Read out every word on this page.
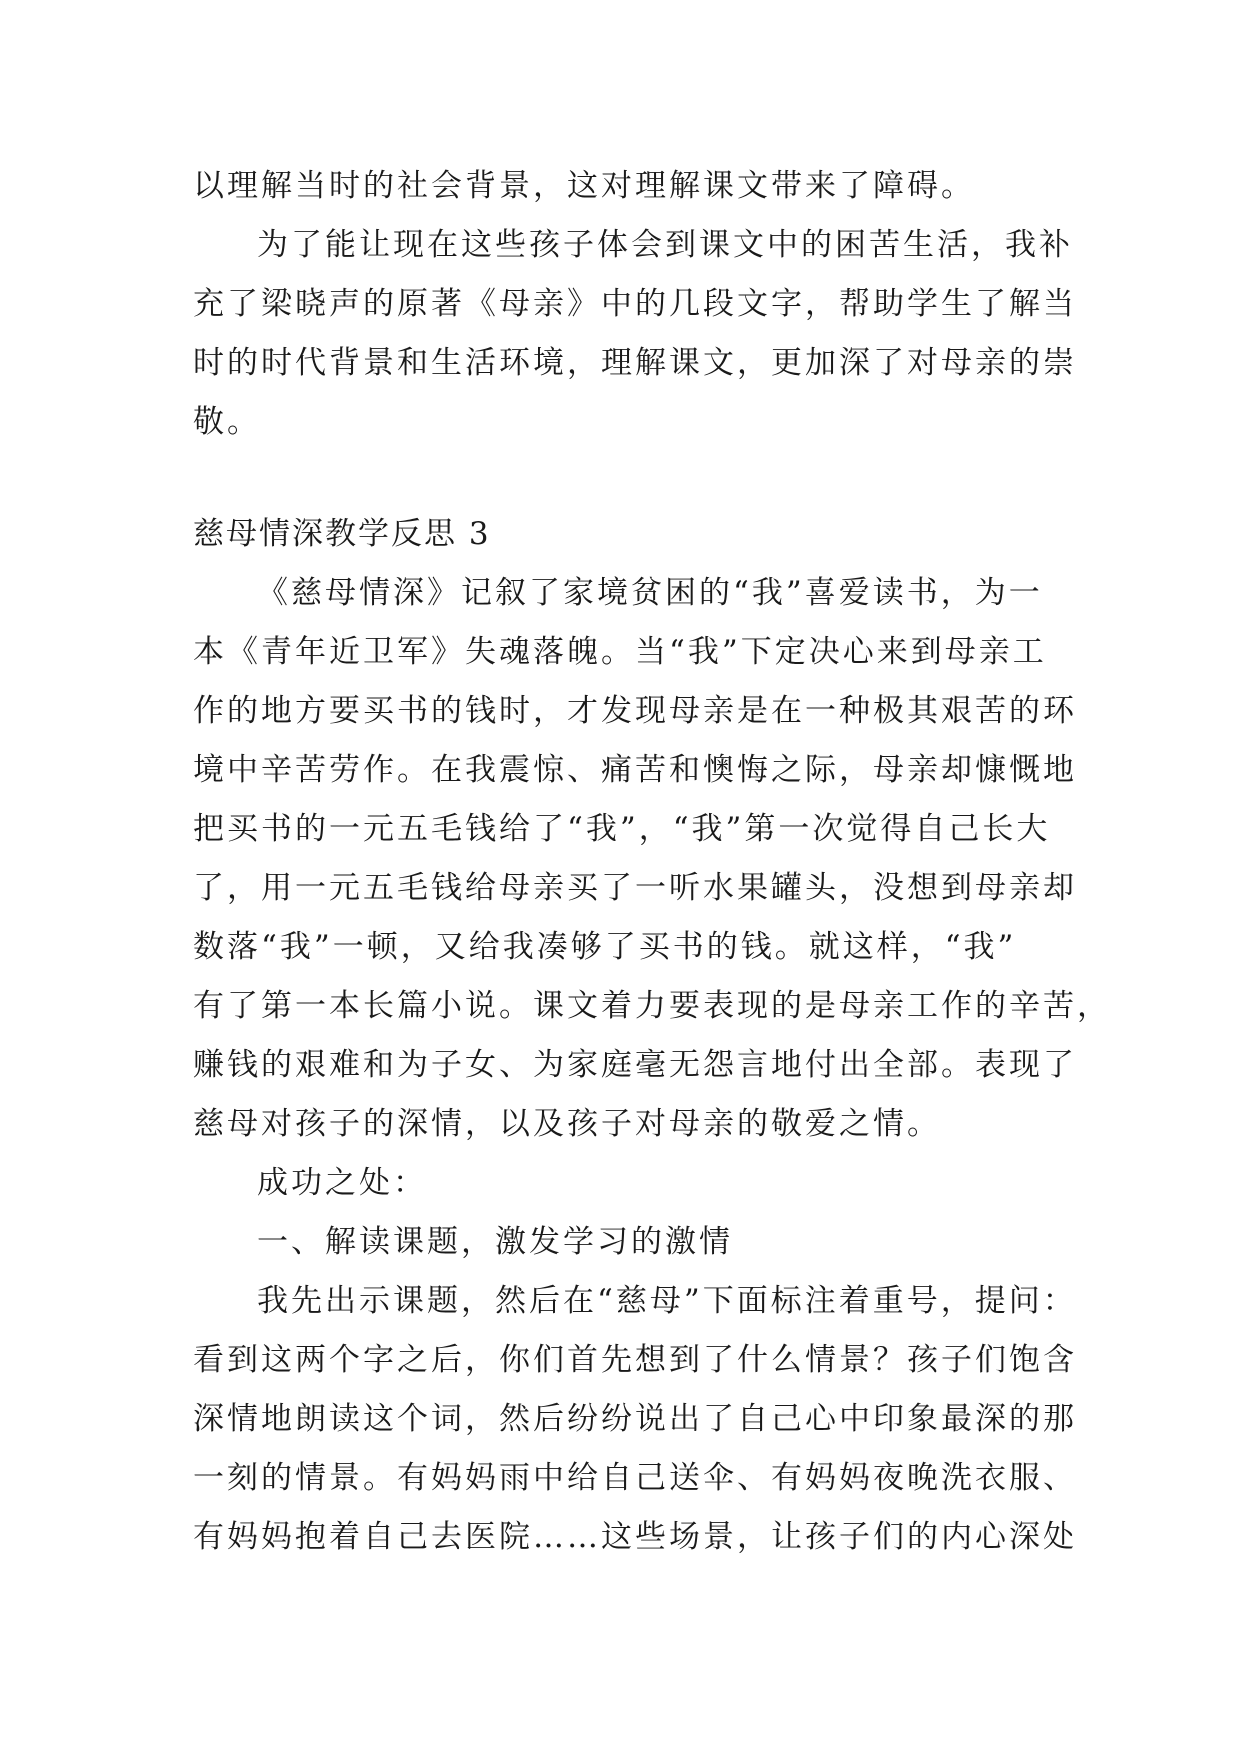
以理解当时的社会背景，这对理解课文带来了障碍。
为了能让现在这些孩子体会到课文中的困苦生活，我补
充了梁晓声的原著《母亲》中的几段文字，帮助学生了解当
时的时代背景和生活环境，理解课文，更加深了对母亲的崇
敬。
慈母情深教学反思 3
《慈母情深》记叙了家境贫困的“我”喜爱读书，为一
本《青年近卫军》失魂落魄。当“我”下定决心来到母亲工
作的地方要买书的钱时，才发现母亲是在一种极其艰苦的环
境中辛苦劳作。在我震惊、痛苦和懊悔之际，母亲却慷慨地
把买书的一元五毛钱给了“我”，“我”第一次觉得自己长大
了，用一元五毛钱给母亲买了一听水果罐头，没想到母亲却
数落“我”一顿，又给我凑够了买书的钱。就这样，“我”
有了第一本长篇小说。课文着力要表现的是母亲工作的辛苦，
赚钱的艰难和为子女、为家庭毫无怨言地付出全部。表现了
慈母对孩子的深情，以及孩子对母亲的敬爱之情。
成功之处：
一、解读课题，激发学习的激情
我先出示课题，然后在“慈母”下面标注着重号，提问：
看到这两个字之后，你们首先想到了什么情景？孩子们饱含
深情地朗读这个词，然后纷纷说出了自己心中印象最深的那
一刻的情景。有妈妈雨中给自己送伞、有妈妈夜晚洗衣服、
有妈妈抱着自己去医院……这些场景，让孩子们的内心深处
